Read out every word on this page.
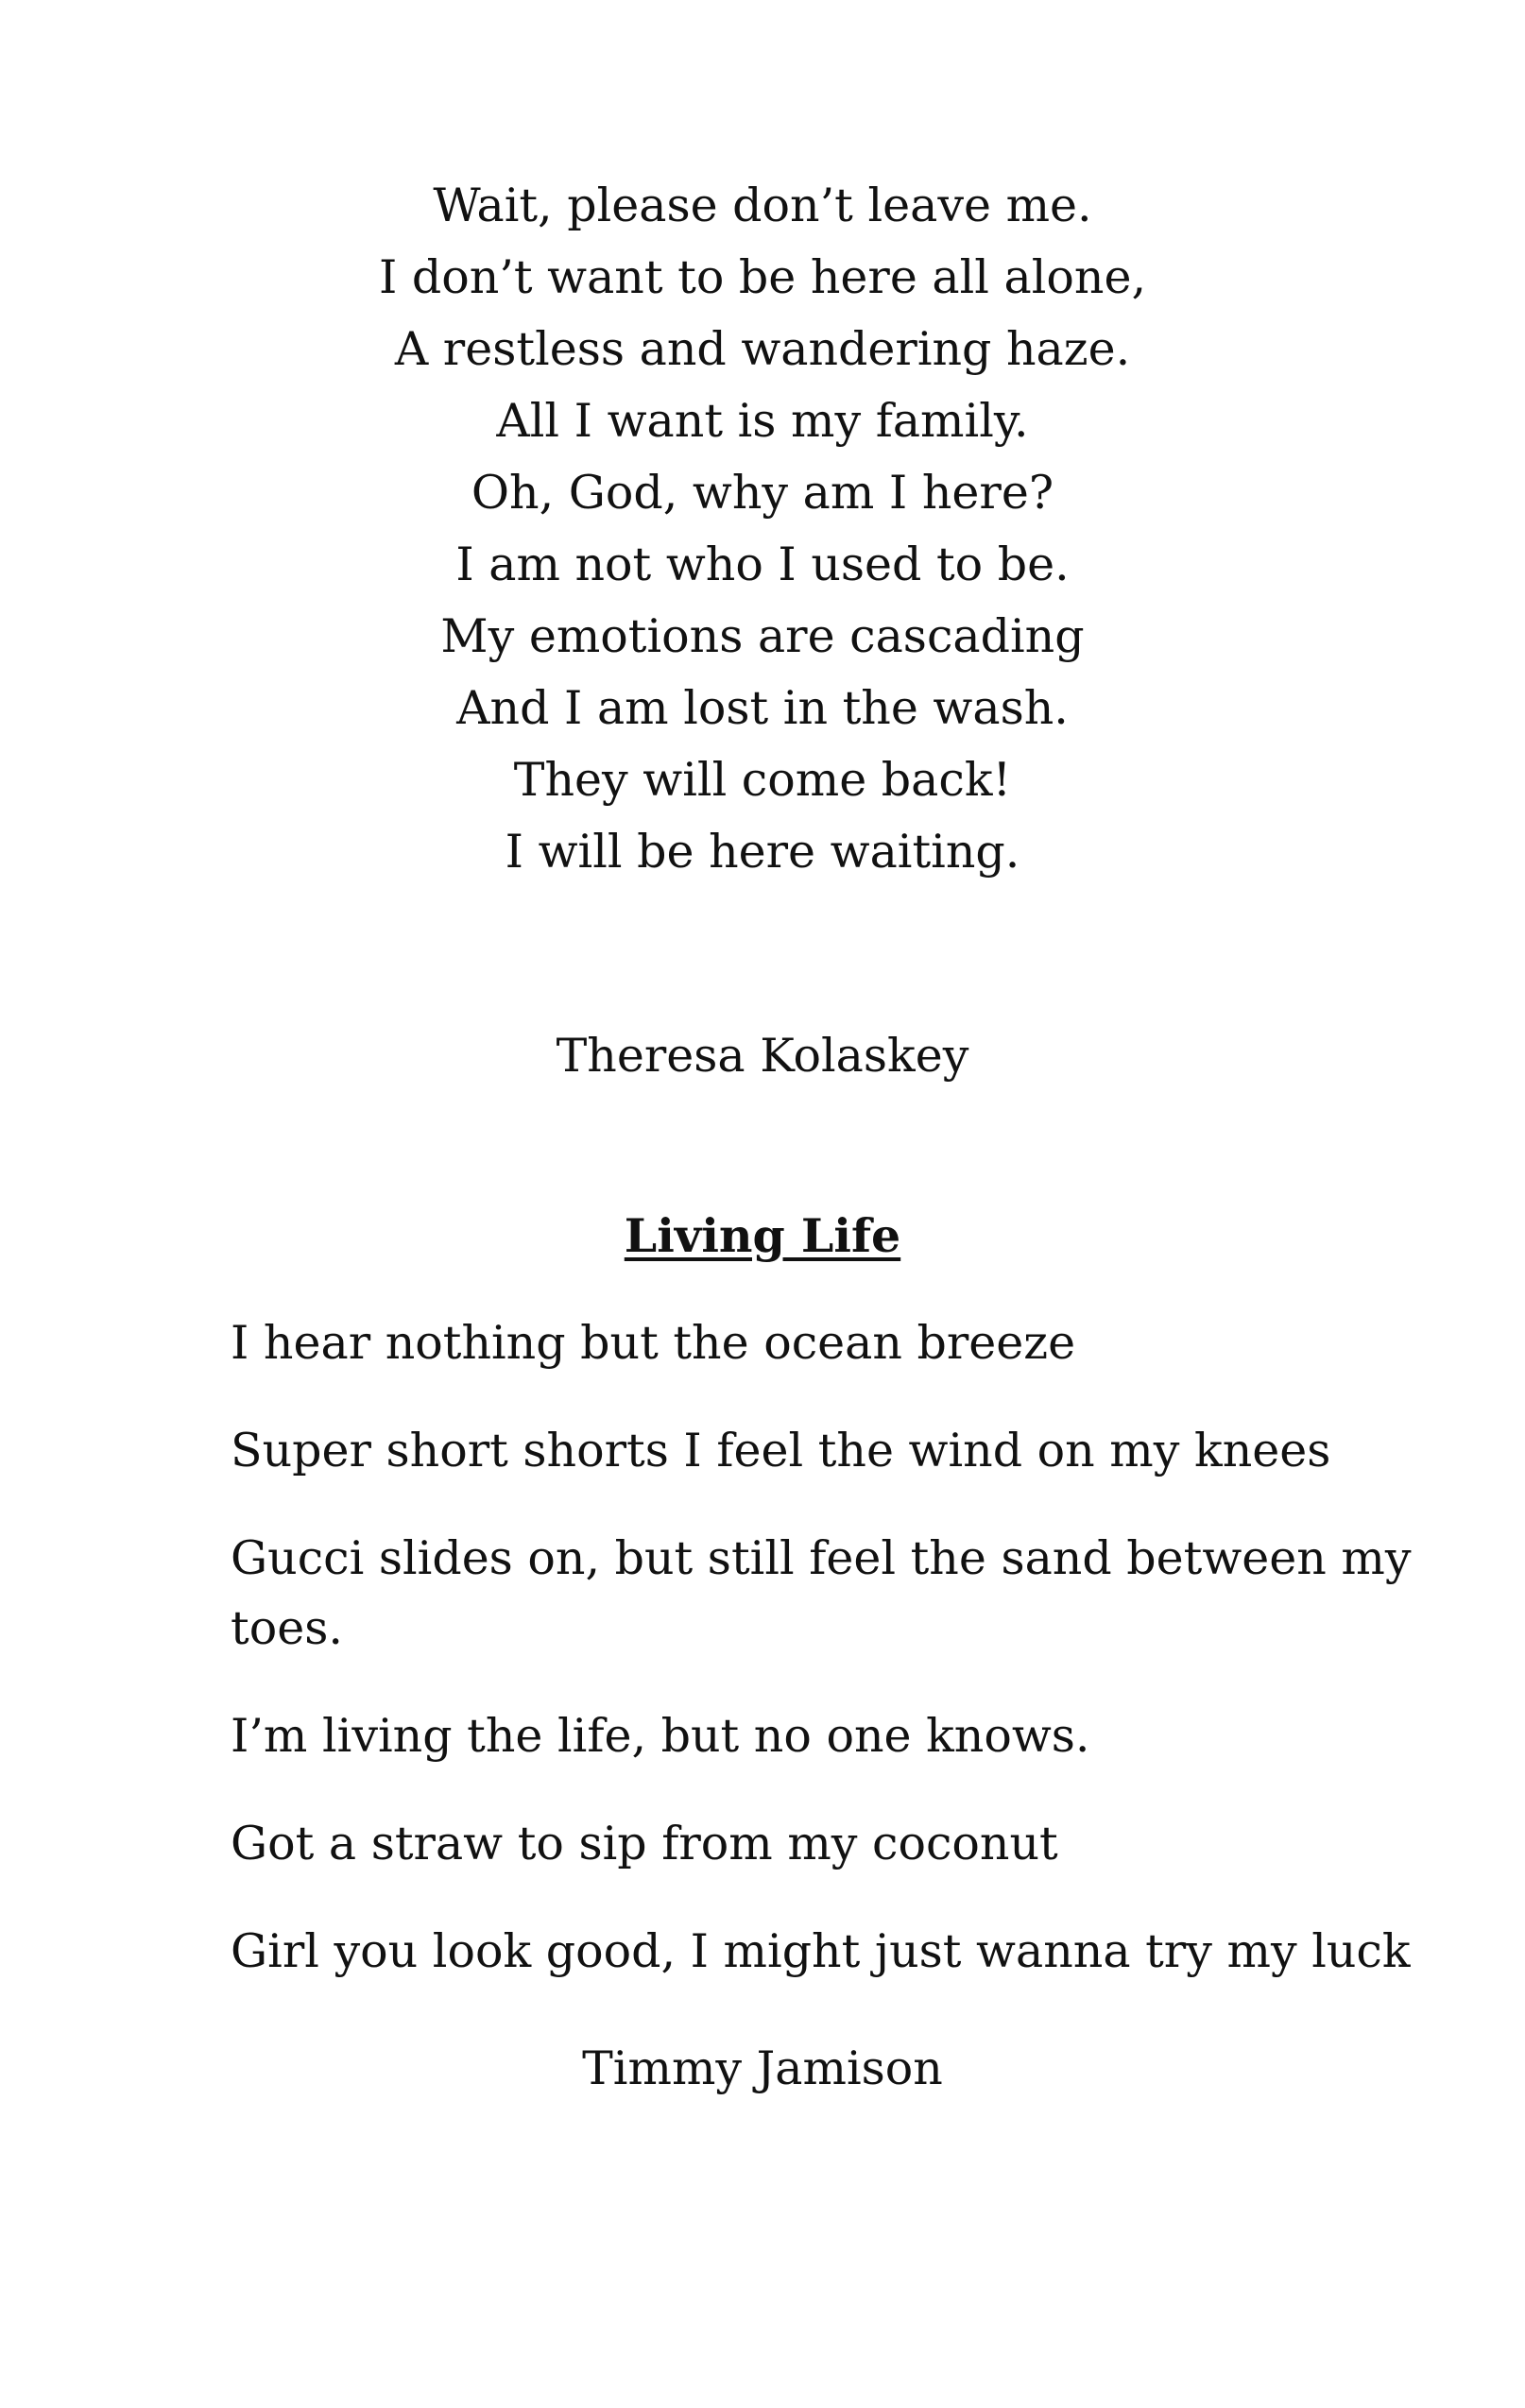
Wait, please don’t leave me.
I don’t want to be here all alone,
A restless and wandering haze.
All I want is my family.
Oh, God, why am I here?
I am not who I used to be.
My emotions are cascading
And I am lost in the wash.
They will come back!
I will be here waiting.
Theresa Kolaskey
Living Life
I hear nothing but the ocean breeze
Super short shorts I feel the wind on my knees
Gucci slides on, but still feel the sand between my toes.
I’m living the life, but no one knows.
Got a straw to sip from my coconut
Girl you look good, I might just wanna try my luck
Timmy Jamison
